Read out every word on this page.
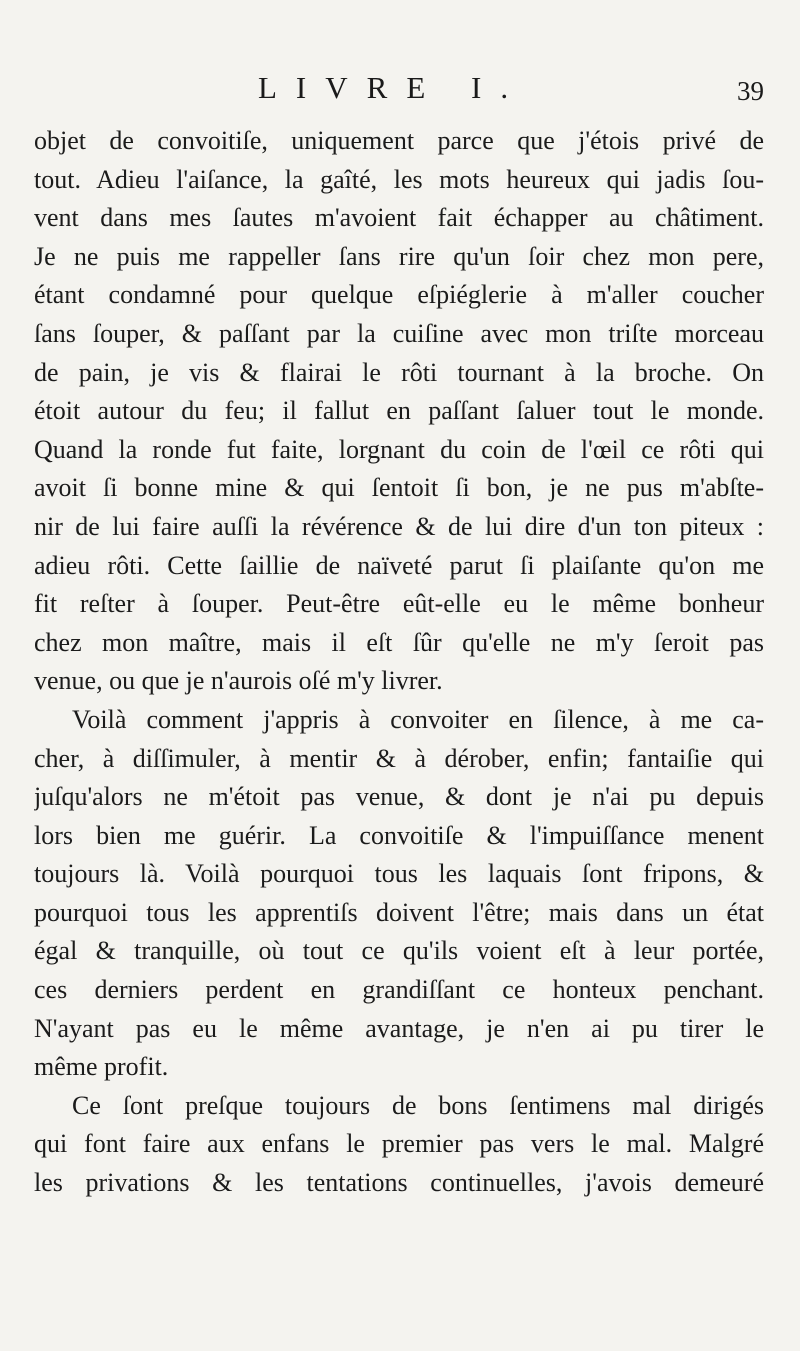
LIVRE I.	39
objet de convoitiſe, uniquement parce que j'étois privé de
tout. Adieu l'aiſance, la gaîté, les mots heureux qui jadis ſou-
vent dans mes ſautes m'avoient fait échapper au châtiment.
Je ne puis me rappeller ſans rire qu'un ſoir chez mon pere,
étant condamné pour quelque eſpiéglerie à m'aller coucher
ſans ſouper, & paſſant par la cuiſine avec mon triſte morceau
de pain, je vis & flairai le rôti tournant à la broche. On
étoit autour du feu; il fallut en paſſant ſaluer tout le monde.
Quand la ronde fut faite, lorgnant du coin de l'œil ce rôti qui
avoit ſi bonne mine & qui ſentoit ſi bon, je ne pus m'abſte-
nir de lui faire auſſi la révérence & de lui dire d'un ton piteux :
adieu rôti. Cette ſaillie de naïveté parut ſi plaiſante qu'on me
fit reſter à ſouper. Peut-être eût-elle eu le même bonheur
chez mon maître, mais il eſt ſûr qu'elle ne m'y ſeroit pas
venue, ou que je n'aurois oſé m'y livrer.
Voilà comment j'appris à convoiter en ſilence, à me ca-
cher, à diſſimuler, à mentir & à dérober, enfin; fantaiſie qui
juſqu'alors ne m'étoit pas venue, & dont je n'ai pu depuis
lors bien me guérir. La convoitiſe & l'impuiſſance menent
toujours là. Voilà pourquoi tous les laquais ſont fripons, &
pourquoi tous les apprentiſs doivent l'être; mais dans un état
égal & tranquille, où tout ce qu'ils voient eſt à leur portée,
ces derniers perdent en grandiſſant ce honteux penchant.
N'ayant pas eu le même avantage, je n'en ai pu tirer le
même profit.
Ce ſont preſque toujours de bons ſentimens mal dirigés
qui font faire aux enfans le premier pas vers le mal. Malgré
les privations & les tentations continuelles, j'avois demeuré
